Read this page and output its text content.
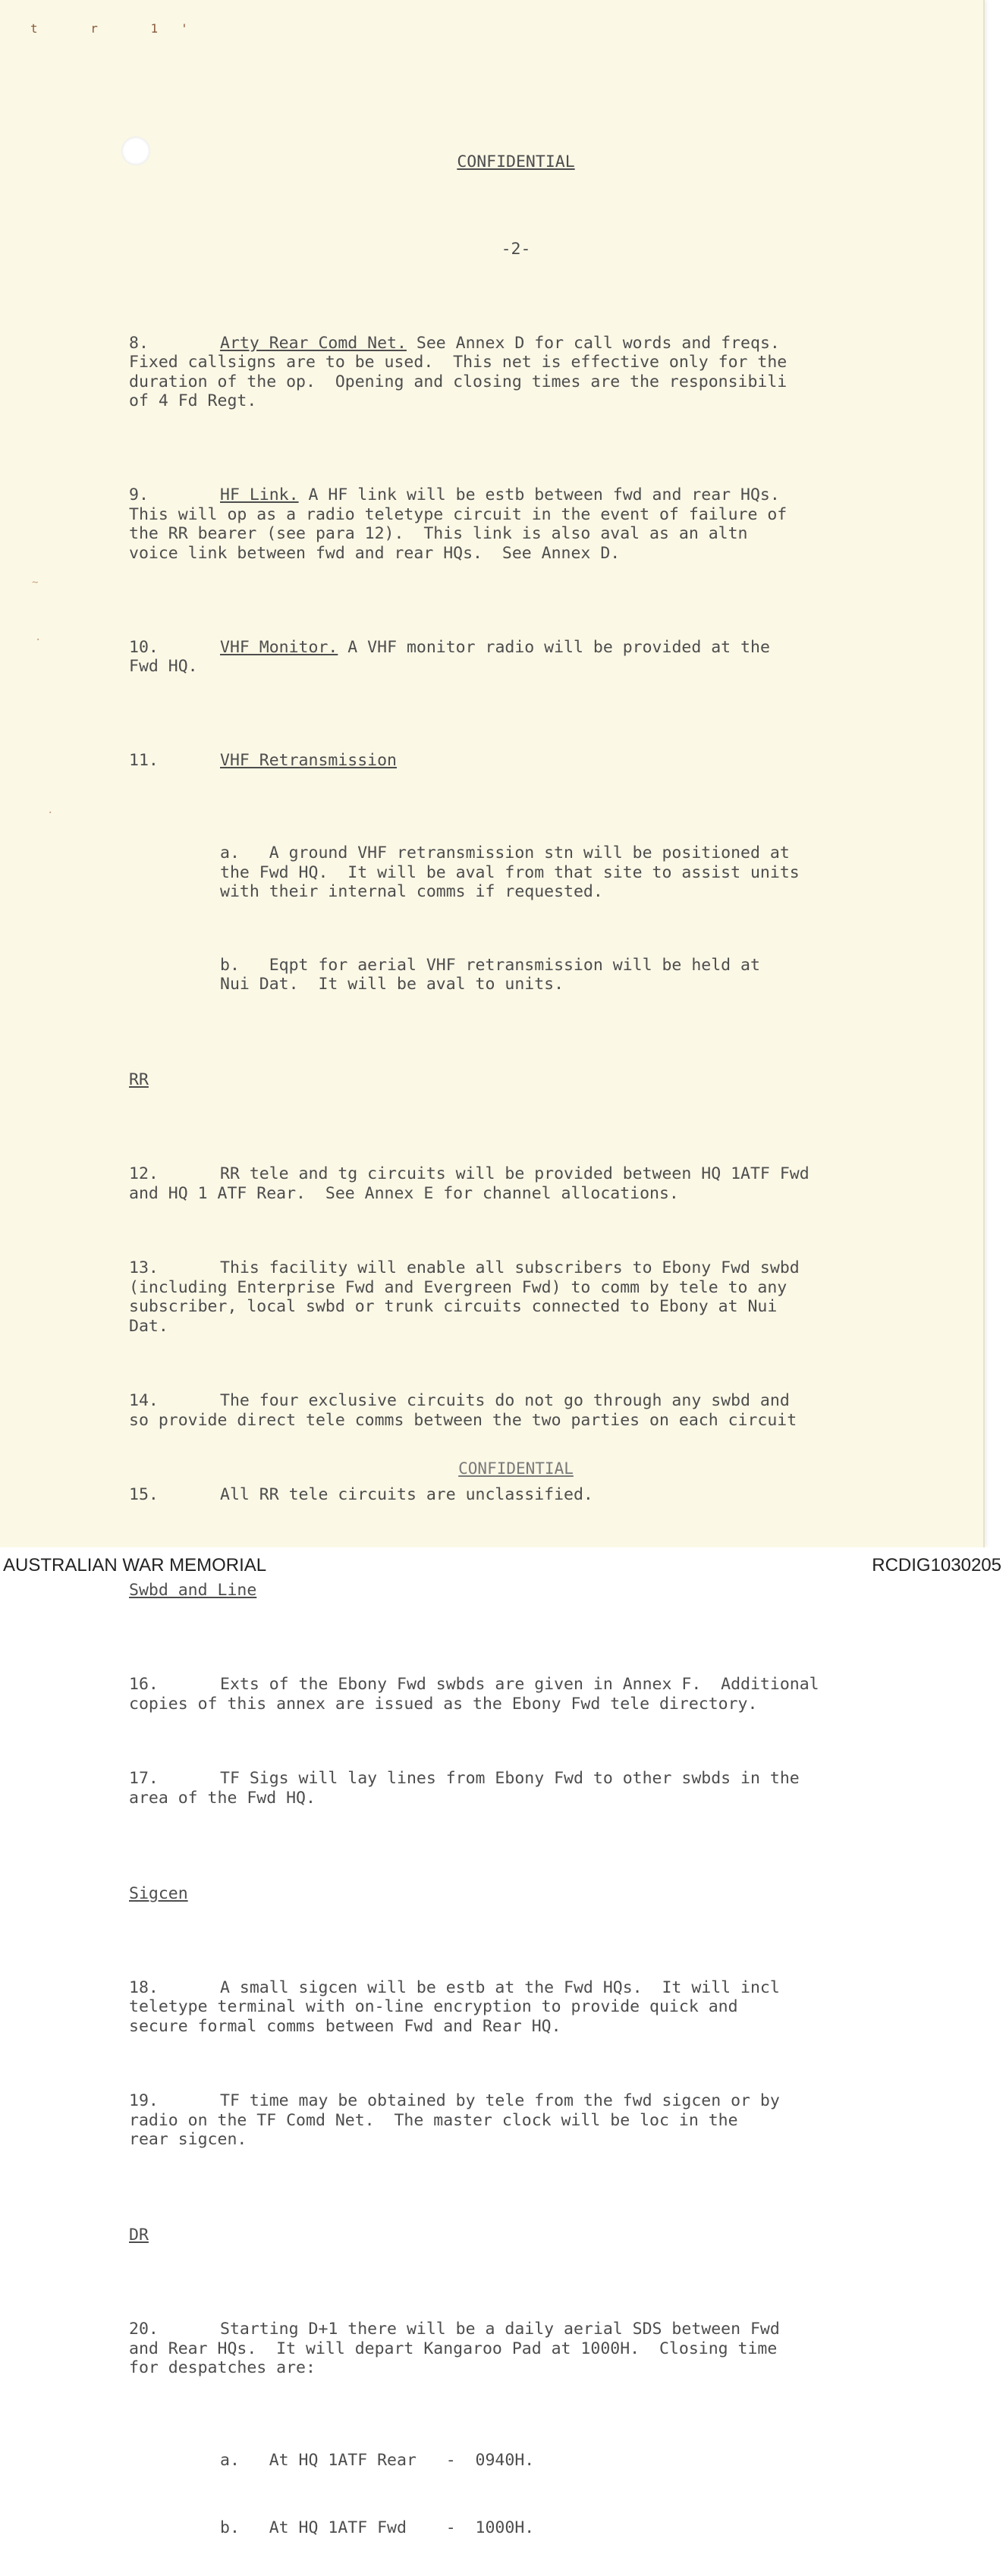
t r 1'
~
·
·

CONFIDENTIAL

-2-

8.	Arty Rear Comd Net. See Annex D for call words and freqs.
Fixed callsigns are to be used.  This net is effective only for the
duration of the op.  Opening and closing times are the responsibili
of 4 Fd Regt.

9.	HF Link. A HF link will be estb between fwd and rear HQs.
This will op as a radio teletype circuit in the event of failure of
the RR bearer (see para 12).  This link is also aval as an altn
voice link between fwd and rear HQs.  See Annex D.

10.	VHF Monitor. A VHF monitor radio will be provided at the
Fwd HQ.

11.	VHF Retransmission

a.   A ground VHF retransmission stn will be positioned at
the Fwd HQ.  It will be aval from that site to assist units
with their internal comms if requested.

b.   Eqpt for aerial VHF retransmission will be held at
Nui Dat.  It will be aval to units.

RR

12.	RR tele and tg circuits will be provided between HQ 1ATF Fwd
and HQ 1 ATF Rear.  See Annex E for channel allocations.

13.	This facility will enable all subscribers to Ebony Fwd swbd
(including Enterprise Fwd and Evergreen Fwd) to comm by tele to any
subscriber, local swbd or trunk circuits connected to Ebony at Nui
Dat.

14.	The four exclusive circuits do not go through any swbd and
so provide direct tele comms between the two parties on each circuit

15.	All RR tele circuits are unclassified.

Swbd and Line

16.	Exts of the Ebony Fwd swbds are given in Annex F.  Additional
copies of this annex are issued as the Ebony Fwd tele directory.

17.	TF Sigs will lay lines from Ebony Fwd to other swbds in the
area of the Fwd HQ.

Sigcen

18.	A small sigcen will be estb at the Fwd HQs.  It will incl
teletype terminal with on-line encryption to provide quick and
secure formal comms between Fwd and Rear HQ.

19.	TF time may be obtained by tele from the fwd sigcen or by
radio on the TF Comd Net.  The master clock will be loc in the
rear sigcen.

DR

20.	Starting D+1 there will be a daily aerial SDS between Fwd
and Rear HQs.  It will depart Kangaroo Pad at 1000H.  Closing time
for despatches are:

a.   At HQ 1ATF Rear   -  0940H.

b.   At HQ 1ATF Fwd    -  1000H.

CONFIDENTIAL
AUSTRALIAN WAR MEMORIAL	RCDIG1030205
